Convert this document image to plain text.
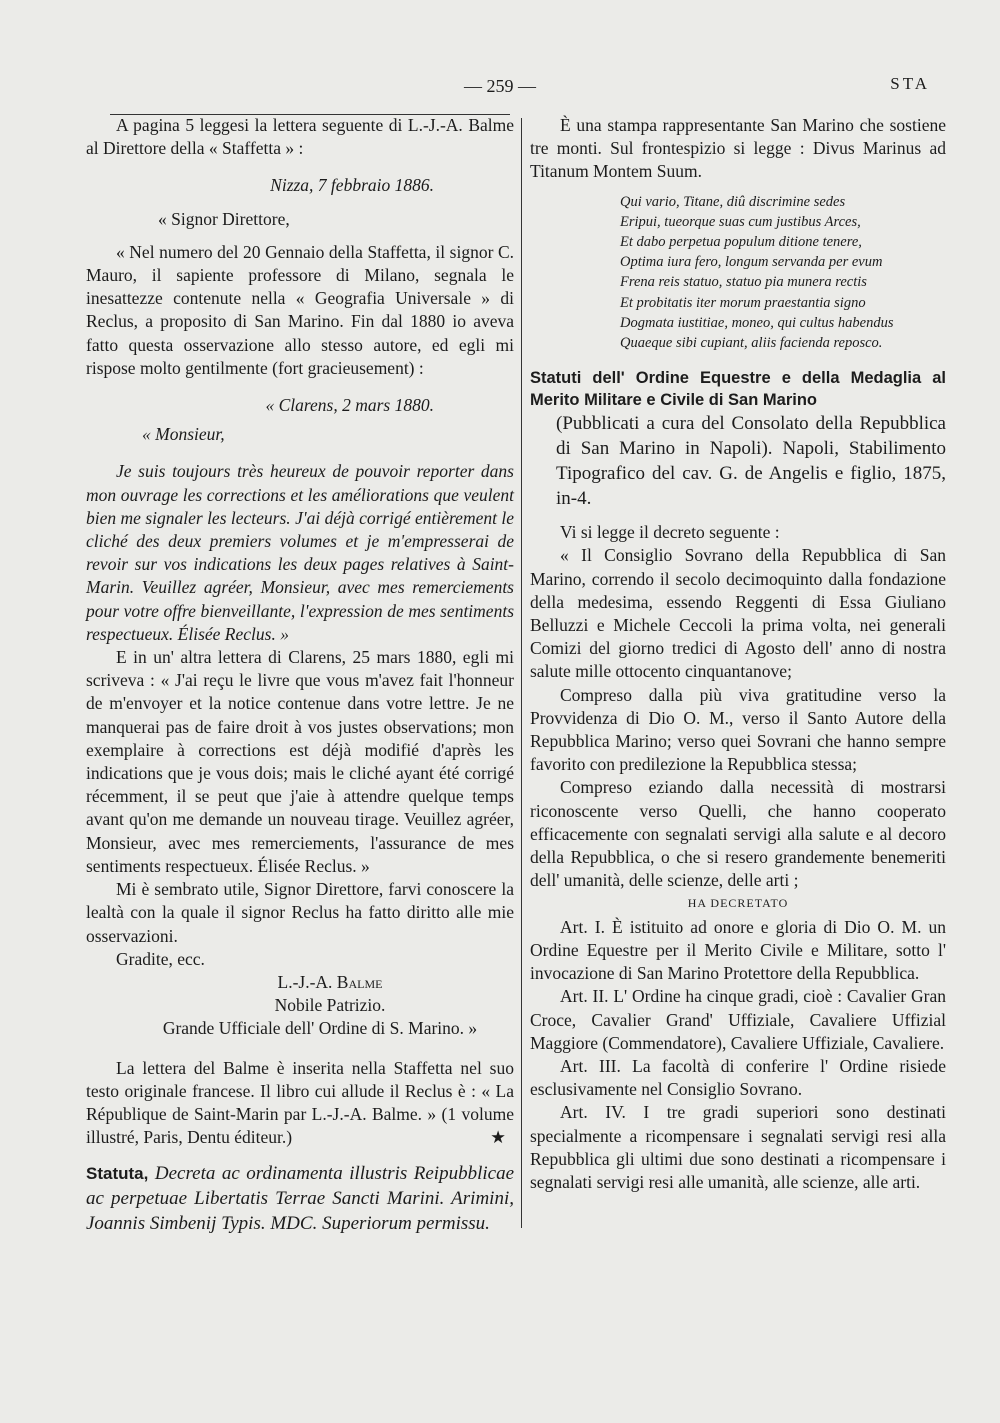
— 259 —	STA

A pagina 5 leggesi la lettera seguente di L.-J.-A. Balme al Direttore della « Staffetta » :

Nizza, 7 febbraio 1886.

« Signor Direttore,

« Nel numero del 20 Gennaio della Staffetta, il signor C. Mauro, il sapiente professore di Milano, segnala le inesattezze contenute nella « Geografia Universale » di Reclus, a proposito di San Marino. Fin dal 1880 io aveva fatto questa osservazione allo stesso autore, ed egli mi rispose molto gentilmente (fort gracieusement) :

« Clarens, 2 mars 1880.

« Monsieur,

Je suis toujours très heureux de pouvoir reporter dans mon ouvrage les corrections et les améliorations que veulent bien me signaler les lecteurs. J'ai déjà corrigé entièrement le cliché des deux premiers volumes et je m'empresserai de revoir sur vos indications les deux pages relatives à Saint-Marin. Veuillez agréer, Monsieur, avec mes remerciements pour votre offre bienveillante, l'expression de mes sentiments respectueux. Élisée Reclus. »

E in un' altra lettera di Clarens, 25 mars 1880, egli mi scriveva : « J'ai reçu le livre que vous m'avez fait l'honneur de m'envoyer et la notice contenue dans votre lettre. Je ne manquerai pas de faire droit à vos justes observations; mon exemplaire à corrections est déjà modifié d'après les indications que je vous dois; mais le cliché ayant été corrigé récemment, il se peut que j'aie à attendre quelque temps avant qu'on me demande un nouveau tirage. Veuillez agréer, Monsieur, avec mes remerciements, l'assurance de mes sentiments respectueux. Élisée Reclus. »

Mi è sembrato utile, Signor Direttore, farvi conoscere la lealtà con la quale il signor Reclus ha fatto diritto alle mie osservazioni.

Gradite, ecc.

L.-J.-A. Balme

Nobile Patrizio.

Grande Ufficiale dell' Ordine di S. Marino. »

La lettera del Balme è inserita nella Staffetta nel suo testo originale francese. Il libro cui allude il Reclus è : « La République de Saint-Marin par L.-J.-A. Balme. » (1 volume illustré, Paris, Dentu éditeur.)	★

Statuta, Decreta ac ordinamenta illustris Reipubblicae ac perpetuae Libertatis Terrae Sancti Marini. Arimini, Joannis Simbenij Typis. MDC. Superiorum permissu.

È una stampa rappresentante San Marino che sostiene tre monti. Sul frontespizio si legge : Divus Marinus ad Titanum Montem Suum.

Qui vario, Titane, diû discrimine sedes
Eripui, tueorque suas cum justibus Arces,
Et dabo perpetua populum ditione tenere,
Optima iura fero, longum servanda per evum
Frena reis statuo, statuo pia munera rectis
Et probitatis iter morum praestantia signo
Dogmata iustitiae, moneo, qui cultus habendus
Quaeque sibi cupiant, aliis facienda reposco.

Statuti dell' Ordine Equestre e della Medaglia al Merito Militare e Civile di San Marino

(Pubblicati a cura del Consolato della Repubblica di San Marino in Napoli). Napoli, Stabilimento Tipografico del cav. G. de Angelis e figlio, 1875, in-4.

Vi si legge il decreto seguente :

« Il Consiglio Sovrano della Repubblica di San Marino, correndo il secolo decimoquinto dalla fondazione della medesima, essendo Reggenti di Essa Giuliano Belluzzi e Michele Ceccoli la prima volta, nei generali Comizi del giorno tredici di Agosto dell' anno di nostra salute mille ottocento cinquantanove;

Compreso dalla più viva gratitudine verso la Provvidenza di Dio O. M., verso il Santo Autore della Repubblica Marino; verso quei Sovrani che hanno sempre favorito con predilezione la Repubblica stessa;

Compreso eziando dalla necessità di mostrarsi riconoscente verso Quelli, che hanno cooperato efficacemente con segnalati servigi alla salute e al decoro della Repubblica, o che si resero grandemente benemeriti dell' umanità, delle scienze, delle arti ;

HA DECRETATO

Art. I. È istituito ad onore e gloria di Dio O. M. un Ordine Equestre per il Merito Civile e Militare, sotto l' invocazione di San Marino Protettore della Repubblica.

Art. II. L' Ordine ha cinque gradi, cioè : Cavalier Gran Croce, Cavalier Grand' Uffiziale, Cavaliere Uffizial Maggiore (Commendatore), Cavaliere Uffiziale, Cavaliere.

Art. III. La facoltà di conferire l' Ordine risiede esclusivamente nel Consiglio Sovrano.

Art. IV. I tre gradi superiori sono destinati specialmente a ricompensare i segnalati servigi resi alla Repubblica gli ultimi due sono destinati a ricompensare i segnalati servigi resi alle umanità, alle scienze, alle arti.
